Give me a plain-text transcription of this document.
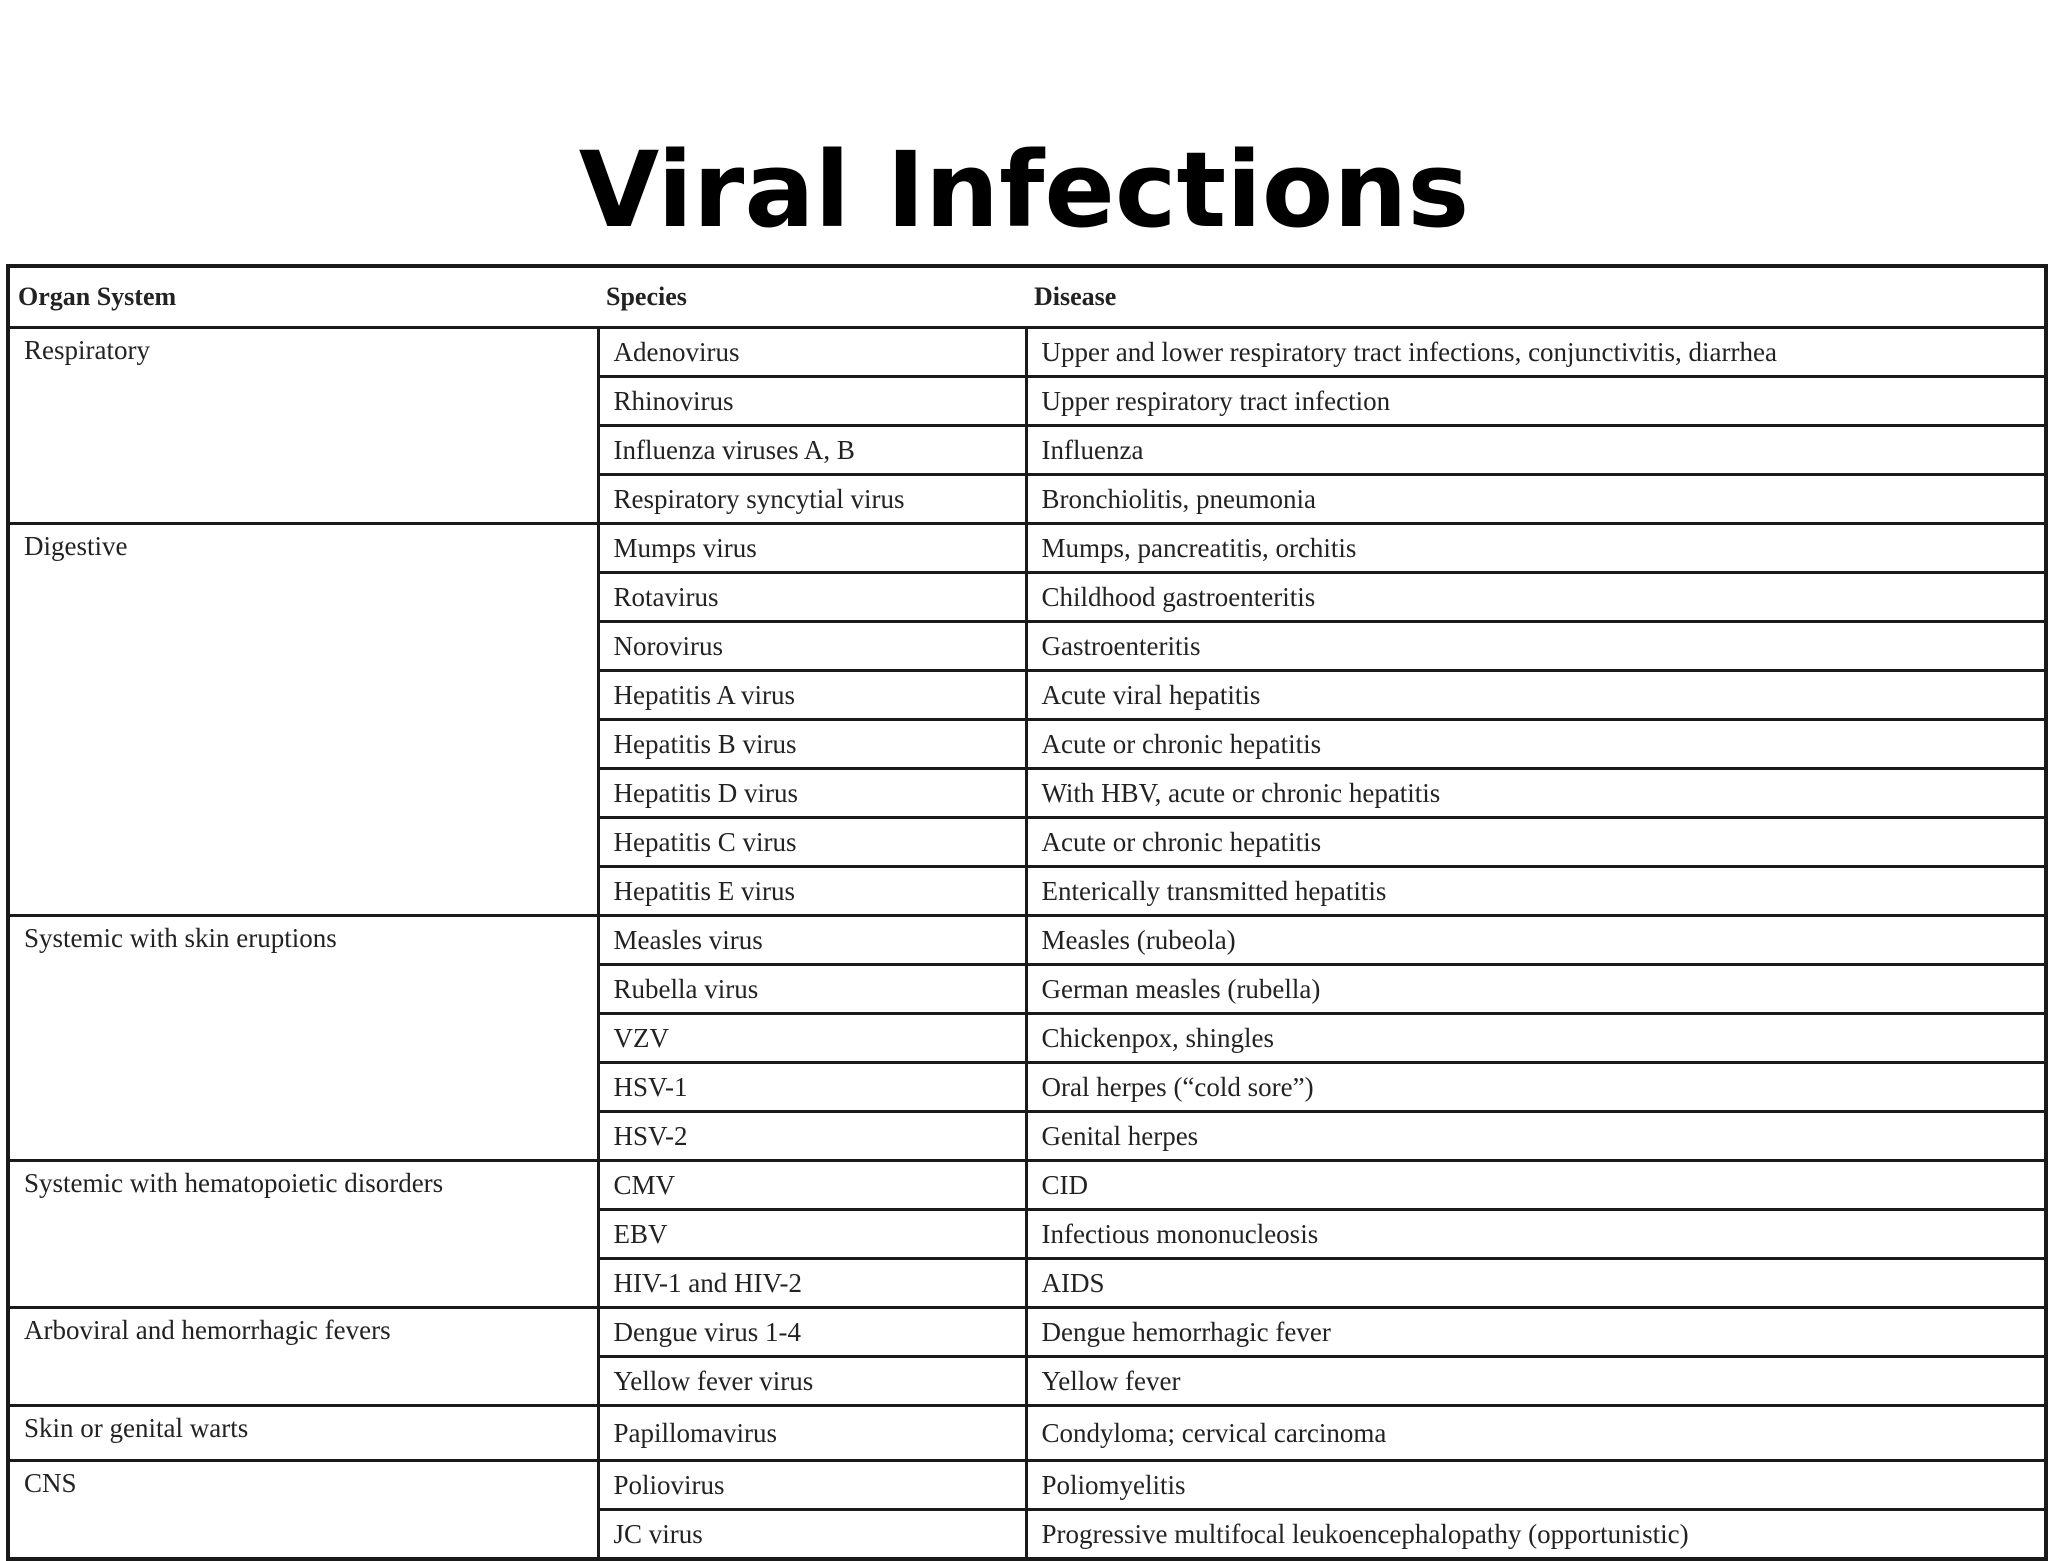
Viral Infections
Organ System	Species	Disease
Respiratory	Adenovirus	Upper and lower respiratory tract infections, conjunctivitis, diarrhea
	Rhinovirus	Upper respiratory tract infection
	Influenza viruses A, B	Influenza
	Respiratory syncytial virus	Bronchiolitis, pneumonia
Digestive	Mumps virus	Mumps, pancreatitis, orchitis
	Rotavirus	Childhood gastroenteritis
	Norovirus	Gastroenteritis
	Hepatitis A virus	Acute viral hepatitis
	Hepatitis B virus	Acute or chronic hepatitis
	Hepatitis D virus	With HBV, acute or chronic hepatitis
	Hepatitis C virus	Acute or chronic hepatitis
	Hepatitis E virus	Enterically transmitted hepatitis
Systemic with skin eruptions	Measles virus	Measles (rubeola)
	Rubella virus	German measles (rubella)
	VZV	Chickenpox, shingles
	HSV-1	Oral herpes (“cold sore”)
	HSV-2	Genital herpes
Systemic with hematopoietic disorders	CMV	CID
	EBV	Infectious mononucleosis
	HIV-1 and HIV-2	AIDS
Arboviral and hemorrhagic fevers	Dengue virus 1-4	Dengue hemorrhagic fever
	Yellow fever virus	Yellow fever
Skin or genital warts	Papillomavirus	Condyloma; cervical carcinoma
CNS	Poliovirus	Poliomyelitis
	JC virus	Progressive multifocal leukoencephalopathy (opportunistic)
